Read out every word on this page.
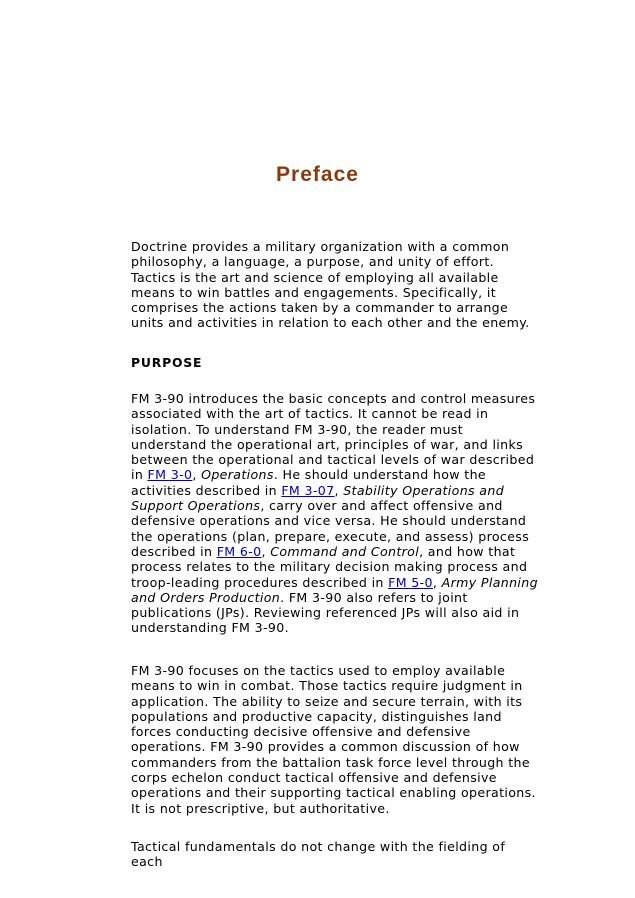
Preface

Doctrine provides a military organization with a common philosophy, a language, a purpose, and unity of effort. Tactics is the art and science of employing all available means to win battles and engagements. Specifically, it comprises the actions taken by a commander to arrange units and activities in relation to each other and the enemy.

PURPOSE

FM 3-90 introduces the basic concepts and control measures associated with the art of tactics. It cannot be read in isolation. To understand FM 3-90, the reader must understand the operational art, principles of war, and links between the operational and tactical levels of war described in FM 3-0, Operations. He should understand how the activities described in FM 3-07, Stability Operations and Support Operations, carry over and affect offensive and defensive operations and vice versa. He should understand the operations (plan, prepare, execute, and assess) process described in FM 6-0, Command and Control, and how that process relates to the military decision making process and troop-leading procedures described in FM 5-0, Army Planning and Orders Production. FM 3-90 also refers to joint publications (JPs). Reviewing referenced JPs will also aid in understanding FM 3-90.

FM 3-90 focuses on the tactics used to employ available means to win in combat. Those tactics require judgment in application. The ability to seize and secure terrain, with its populations and productive capacity, distinguishes land forces conducting decisive offensive and defensive operations. FM 3-90 provides a common discussion of how commanders from the battalion task force level through the corps echelon conduct tactical offensive and defensive operations and their supporting tactical enabling operations. It is not prescriptive, but authoritative.

Tactical fundamentals do not change with the fielding of each
